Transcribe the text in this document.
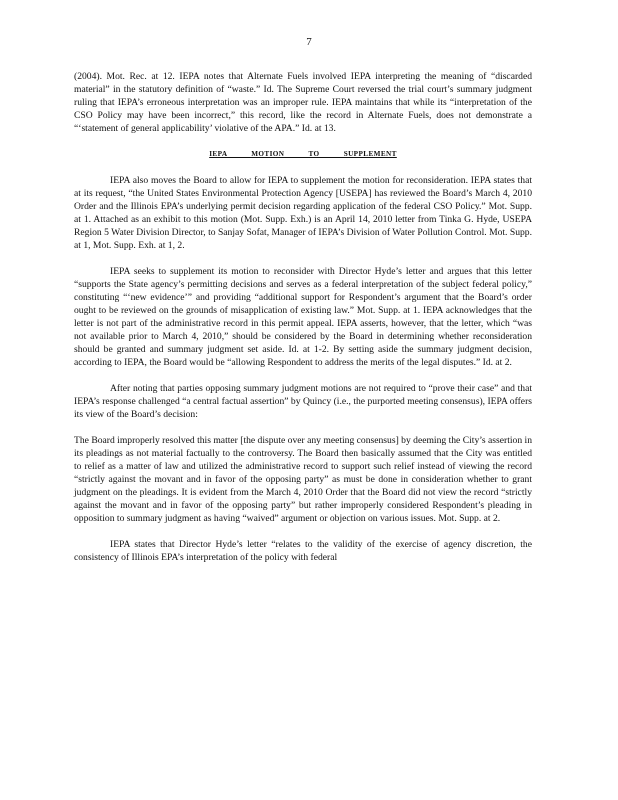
7

(2004). Mot. Rec. at 12. IEPA notes that Alternate Fuels involved IEPA interpreting the meaning of “discarded material” in the statutory definition of “waste.” Id. The Supreme Court reversed the trial court’s summary judgment ruling that IEPA’s erroneous interpretation was an improper rule. IEPA maintains that while its “interpretation of the CSO Policy may have been incorrect,” this record, like the record in Alternate Fuels, does not demonstrate a “‘statement of general applicability’ violative of the APA.” Id. at 13.

IEPA MOTION TO SUPPLEMENT

IEPA also moves the Board to allow for IEPA to supplement the motion for reconsideration. IEPA states that at its request, “the United States Environmental Protection Agency [USEPA] has reviewed the Board’s March 4, 2010 Order and the Illinois EPA’s underlying permit decision regarding application of the federal CSO Policy.” Mot. Supp. at 1. Attached as an exhibit to this motion (Mot. Supp. Exh.) is an April 14, 2010 letter from Tinka G. Hyde, USEPA Region 5 Water Division Director, to Sanjay Sofat, Manager of IEPA’s Division of Water Pollution Control. Mot. Supp. at 1, Mot. Supp. Exh. at 1, 2.

IEPA seeks to supplement its motion to reconsider with Director Hyde’s letter and argues that this letter “supports the State agency’s permitting decisions and serves as a federal interpretation of the subject federal policy,” constituting “‘new evidence’” and providing “additional support for Respondent’s argument that the Board’s order ought to be reviewed on the grounds of misapplication of existing law.” Mot. Supp. at 1. IEPA acknowledges that the letter is not part of the administrative record in this permit appeal. IEPA asserts, however, that the letter, which “was not available prior to March 4, 2010,” should be considered by the Board in determining whether reconsideration should be granted and summary judgment set aside. Id. at 1-2. By setting aside the summary judgment decision, according to IEPA, the Board would be “allowing Respondent to address the merits of the legal disputes.” Id. at 2.

After noting that parties opposing summary judgment motions are not required to “prove their case” and that IEPA’s response challenged “a central factual assertion” by Quincy (i.e., the purported meeting consensus), IEPA offers its view of the Board’s decision:

The Board improperly resolved this matter [the dispute over any meeting consensus] by deeming the City’s assertion in its pleadings as not material factually to the controversy. The Board then basically assumed that the City was entitled to relief as a matter of law and utilized the administrative record to support such relief instead of viewing the record “strictly against the movant and in favor of the opposing party” as must be done in consideration whether to grant judgment on the pleadings. It is evident from the March 4, 2010 Order that the Board did not view the record “strictly against the movant and in favor of the opposing party” but rather improperly considered Respondent’s pleading in opposition to summary judgment as having “waived” argument or objection on various issues. Mot. Supp. at 2.

IEPA states that Director Hyde’s letter “relates to the validity of the exercise of agency discretion, the consistency of Illinois EPA’s interpretation of the policy with federal
